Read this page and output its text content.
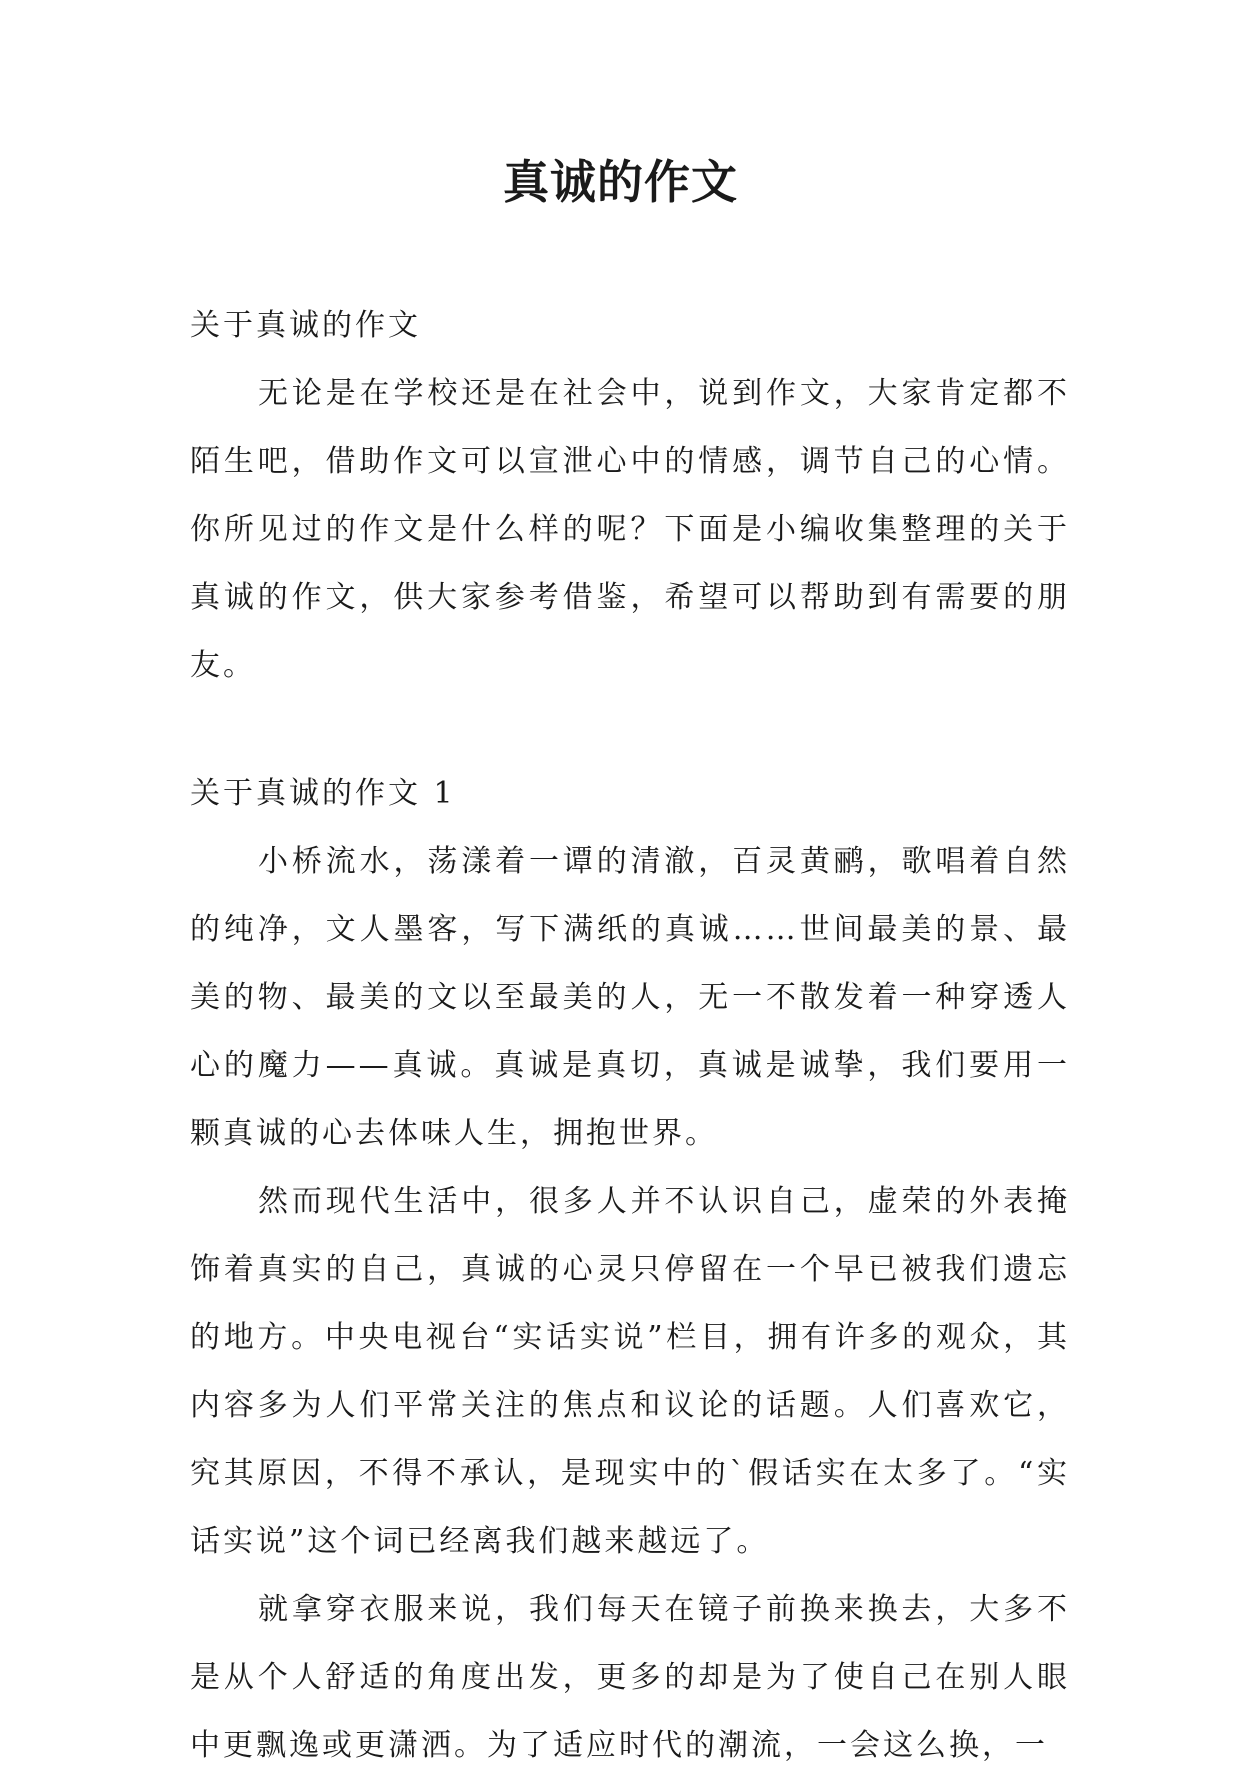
真诚的作文

关于真诚的作文

无论是在学校还是在社会中，说到作文，大家肯定都不陌生吧，借助作文可以宣泄心中的情感，调节自己的心情。你所见过的作文是什么样的呢？下面是小编收集整理的关于真诚的作文，供大家参考借鉴，希望可以帮助到有需要的朋友。

关于真诚的作文 1

小桥流水，荡漾着一谭的清澈，百灵黄鹂，歌唱着自然的纯净，文人墨客，写下满纸的真诚……世间最美的景、最美的物、最美的文以至最美的人，无一不散发着一种穿透人心的魔力——真诚。真诚是真切，真诚是诚挚，我们要用一颗真诚的心去体味人生，拥抱世界。

然而现代生活中，很多人并不认识自己，虚荣的外表掩饰着真实的自己，真诚的心灵只停留在一个早已被我们遗忘的地方。中央电视台“实话实说”栏目，拥有许多的观众，其内容多为人们平常关注的焦点和议论的话题。人们喜欢它，究其原因，不得不承认，是现实中的`假话实在太多了。“实话实说”这个词已经离我们越来越远了。

就拿穿衣服来说，我们每天在镜子前换来换去，大多不是从个人舒适的角度出发，更多的却是为了使自己在别人眼中更飘逸或更潇洒。为了适应时代的潮流，一会这么换，一
